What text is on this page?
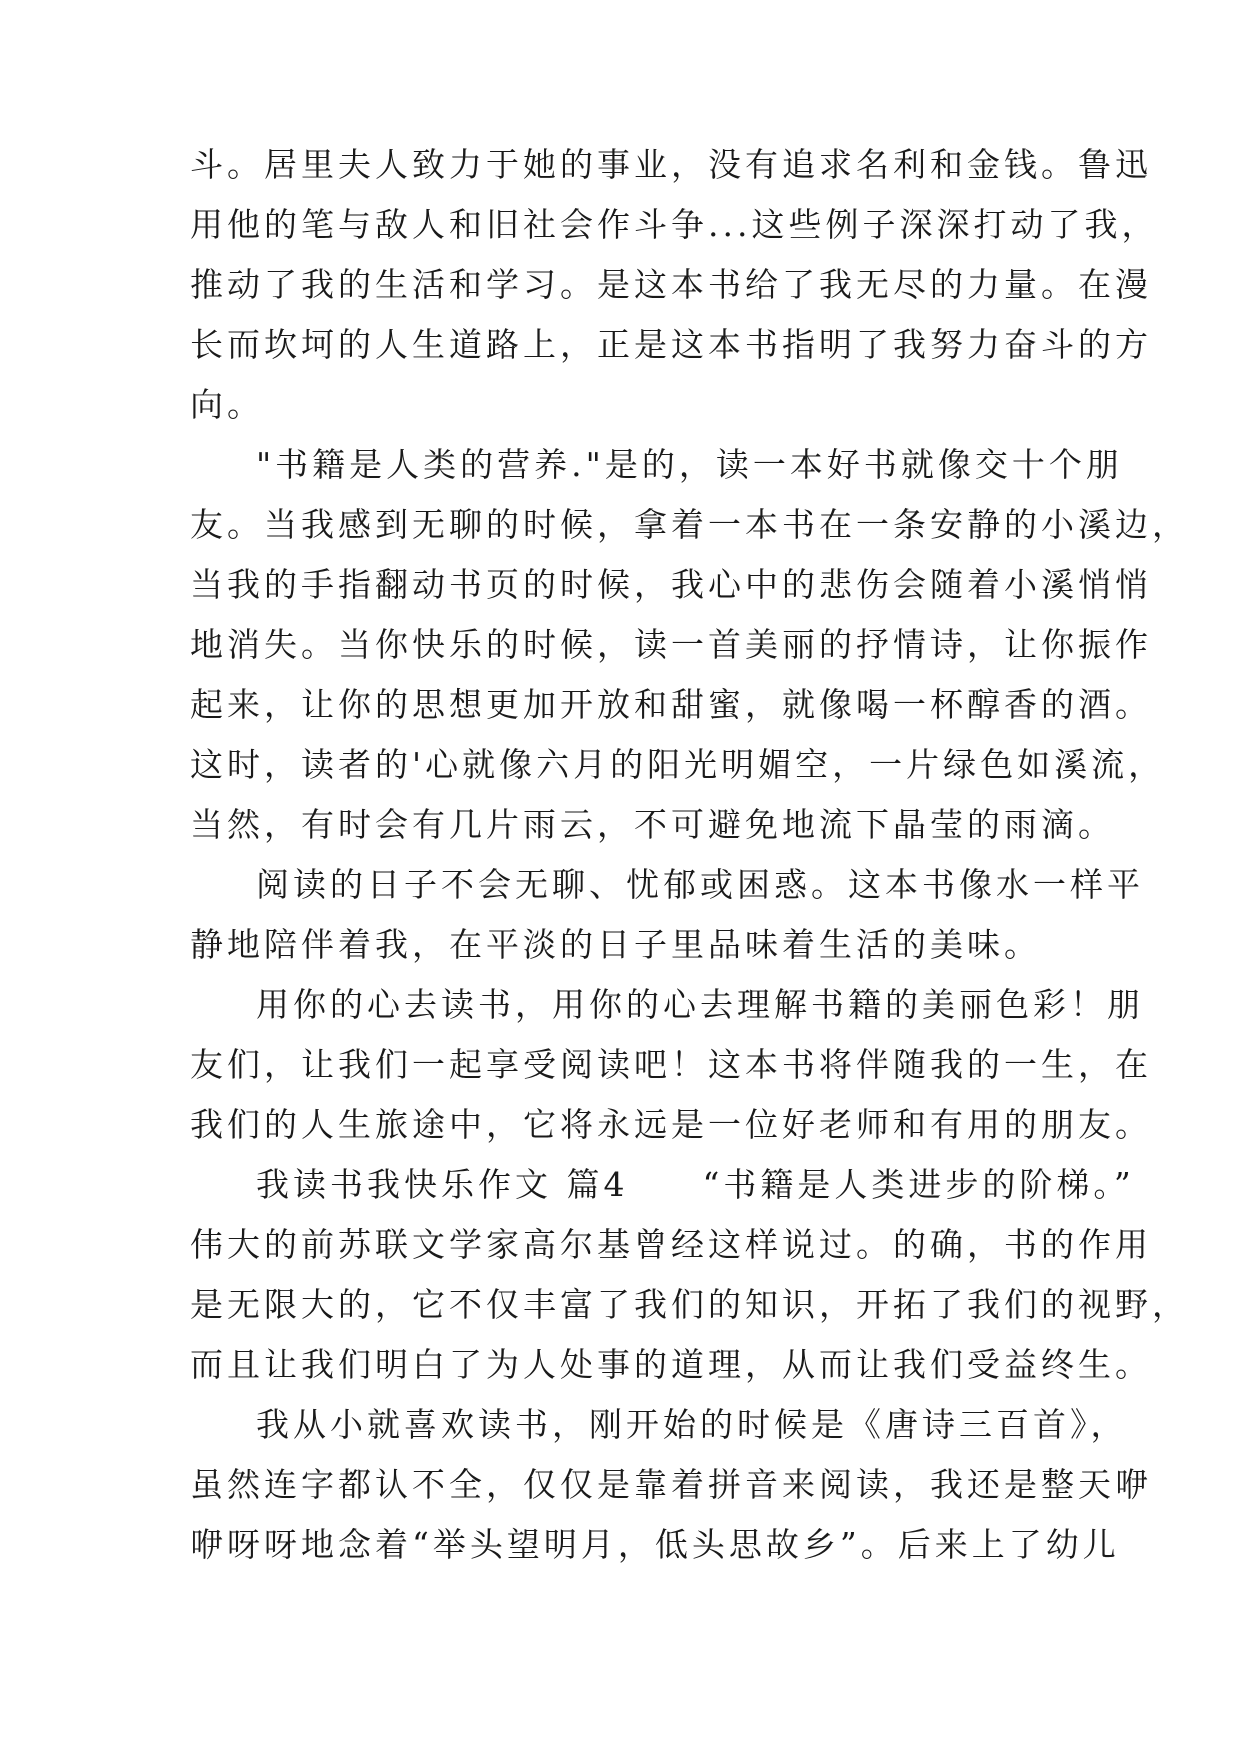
斗。居里夫人致力于她的事业，没有追求名利和金钱。鲁迅
用他的笔与敌人和旧社会作斗争...这些例子深深打动了我，
推动了我的生活和学习。是这本书给了我无尽的力量。在漫
长而坎坷的人生道路上，正是这本书指明了我努力奋斗的方
向。
"书籍是人类的营养."是的，读一本好书就像交十个朋
友。当我感到无聊的时候，拿着一本书在一条安静的小溪边，
当我的手指翻动书页的时候，我心中的悲伤会随着小溪悄悄
地消失。当你快乐的时候，读一首美丽的抒情诗，让你振作
起来，让你的思想更加开放和甜蜜，就像喝一杯醇香的酒。
这时，读者的'心就像六月的阳光明媚空，一片绿色如溪流，
当然，有时会有几片雨云，不可避免地流下晶莹的雨滴。
阅读的日子不会无聊、忧郁或困惑。这本书像水一样平
静地陪伴着我，在平淡的日子里品味着生活的美味。
用你的心去读书，用你的心去理解书籍的美丽色彩！朋
友们，让我们一起享受阅读吧！这本书将伴随我的一生，在
我们的人生旅途中，它将永远是一位好老师和有用的朋友。
我读书我快乐作文 篇4　　“书籍是人类进步的阶梯。”
伟大的前苏联文学家高尔基曾经这样说过。的确，书的作用
是无限大的，它不仅丰富了我们的知识，开拓了我们的视野，
而且让我们明白了为人处事的道理，从而让我们受益终生。
我从小就喜欢读书，刚开始的时候是《唐诗三百首》，
虽然连字都认不全，仅仅是靠着拼音来阅读，我还是整天咿
咿呀呀地念着“举头望明月，低头思故乡”。后来上了幼儿
